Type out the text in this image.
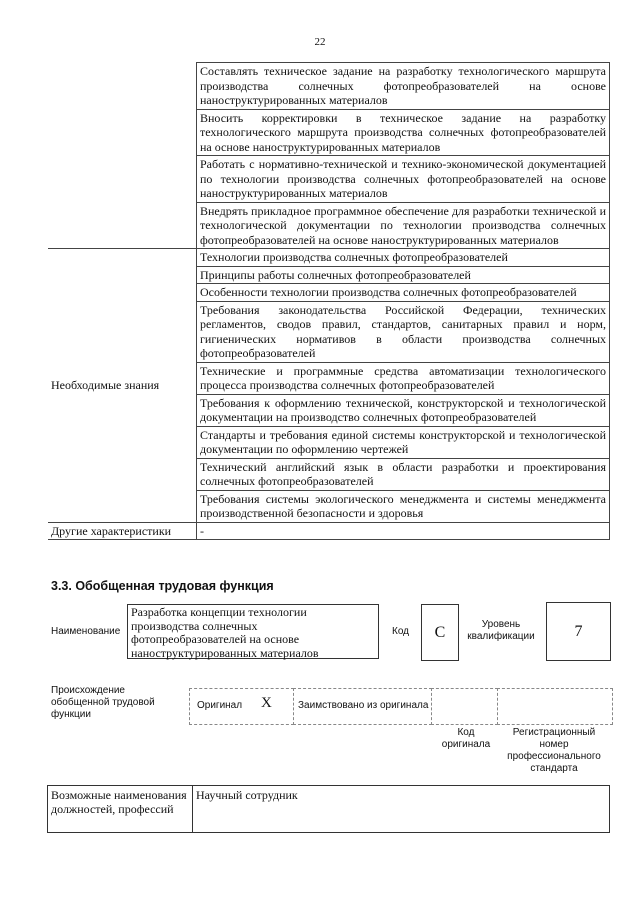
22
	Составлять техническое задание на разработку технологического маршрута производства солнечных фотопреобразователей на основе наноструктурированных материалов
	Вносить корректировки в техническое задание на разработку технологического маршрута производства солнечных фотопреобразователей на основе наноструктурированных материалов
	Работать с нормативно-технической и технико-экономической документацией по технологии производства солнечных фотопреобразователей на основе наноструктурированных материалов
	Внедрять прикладное программное обеспечение для разработки технической и технологической документации по технологии производства солнечных фотопреобразователей на основе наноструктурированных материалов
Необходимые знания	Технологии производства солнечных фотопреобразователей
	Принципы работы солнечных фотопреобразователей
	Особенности технологии производства солнечных фотопреобразователей
	Требования законодательства Российской Федерации, технических регламентов, сводов правил, стандартов, санитарных правил и норм, гигиенических нормативов в области производства солнечных фотопреобразователей
	Технические и программные средства автоматизации технологического процесса производства солнечных фотопреобразователей
	Требования к оформлению технической, конструкторской и технологической документации на производство солнечных фотопреобразователей
	Стандарты и требования единой системы конструкторской и технологической документации по оформлению чертежей
	Технический английский язык в области разработки и проектирования солнечных фотопреобразователей
	Требования системы экологического менеджмента и системы менеджмента производственной безопасности и здоровья
Другие характеристики	-
3.3. Обобщенная трудовая функция
Наименование
Разработка концепции технологии производства солнечных фотопреобразователей на основе наноструктурированных материалов
Код	C	Уровень квалификации	7
Происхождение обобщенной трудовой функции
Оригинал X	Заимствовано из оригинала
Код оригинала
Регистрационный номер профессионального стандарта
Возможные наименования должностей, профессий	Научный сотрудник
